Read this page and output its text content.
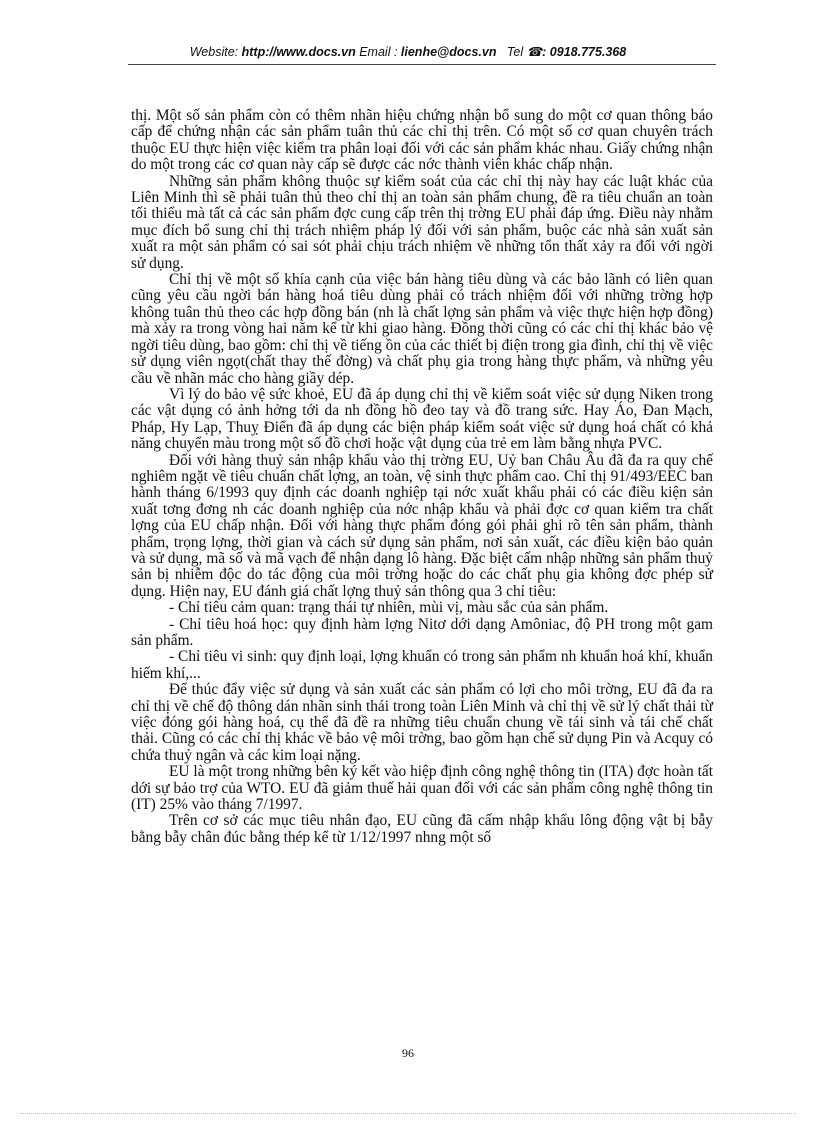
Website: http://www.docs.vn Email : lienhe@docs.vn Tel ☎: 0918.775.368

thị. Một số sản phẩm còn có thêm nhãn hiệu chứng nhận bổ sung do một cơ quan thông báo cấp để chứng nhận các sản phẩm tuân thủ các chỉ thị trên. Có một số cơ quan chuyên trách thuộc EU thực hiện việc kiểm tra phân loại đối với các sản phẩm khác nhau. Giấy chứng nhận do một trong các cơ quan này cấp sẽ được các nớc thành viên khác chấp nhận.

Những sản phẩm không thuộc sự kiểm soát của các chỉ thị này hay các luật khác của Liên Minh thì sẽ phải tuân thủ theo chỉ thị an toàn sản phẩm chung, đề ra tiêu chuẩn an toàn tối thiểu mà tất cả các sản phẩm đợc cung cấp trên thị trờng EU phải đáp ứng. Điều này nhằm mục đích bổ sung chỉ thị trách nhiệm pháp lý đối với sản phẩm, buộc các nhà sản xuất sản xuất ra một sản phẩm có sai sót phải chịu trách nhiệm về những tổn thất xảy ra đối với ngời sử dụng.

Chỉ thị về một số khía cạnh của việc bán hàng tiêu dùng và các bảo lãnh có liên quan cũng yêu cầu ngời bán hàng hoá tiêu dùng phải có trách nhiệm đối với những trờng hợp không tuân thủ theo các hợp đồng bán (nh là chất lợng sản phẩm và việc thực hiện hợp đồng) mà xảy ra trong vòng hai năm kể từ khi giao hàng. Đồng thời cũng có các chỉ thị khác bảo vệ ngời tiêu dùng, bao gồm: chỉ thị về tiếng ồn của các thiết bị điện trong gia đình, chỉ thị về việc sử dụng viên ngọt(chất thay thế đờng) và chất phụ gia trong hàng thực phẩm, và những yêu cầu về nhãn mác cho hàng giầy dép.

Vì lý do bảo vệ sức khoẻ, EU đã áp dụng chỉ thị về kiểm soát việc sử dụng Niken trong các vật dụng có ảnh hởng tới da nh đồng hồ đeo tay và đồ trang sức. Hay Áo, Đan Mạch, Pháp, Hy Lạp, Thuỵ Điển đã áp dụng các biện pháp kiểm soát việc sử dụng hoá chất có khả năng chuyển màu trong một số đồ chơi hoặc vật dụng của trẻ em làm bằng nhựa PVC.

Đối với hàng thuỷ sản nhập khẩu vào thị trờng EU, Uỷ ban Châu Âu đã đa ra quy chế nghiêm ngặt về tiêu chuẩn chất lợng, an toàn, vệ sinh thực phẩm cao. Chỉ thị 91/493/EEC ban hành tháng 6/1993 quy định các doanh nghiệp tại nớc xuất khẩu phải có các điều kiện sản xuất tơng đơng nh các doanh nghiệp của nớc nhập khẩu và phải đợc cơ quan kiểm tra chất lợng của EU chấp nhận. Đối với hàng thực phẩm đóng gói phải ghi rõ tên sản phẩm, thành phẩm, trọng lợng, thời gian và cách sử dụng sản phẩm, nơi sản xuất, các điều kiện bảo quản và sử dụng, mã số và mã vạch để nhận dạng lô hàng. Đặc biệt cấm nhập những sản phẩm thuỷ sản bị nhiễm độc do tác động của môi trờng hoặc do các chất phụ gia không đợc phép sử dụng. Hiện nay, EU đánh giá chất lợng thuỷ sản thông qua 3 chỉ tiêu:

- Chỉ tiêu cảm quan: trạng thái tự nhiên, mùi vị, màu sắc của sản phẩm.

- Chỉ tiêu hoá học: quy định hàm lợng Nitơ dới dạng Amôniac, độ PH trong một gam sản phẩm.

- Chỉ tiêu vi sinh: quy định loại, lợng khuẩn có trong sản phẩm nh khuẩn hoá khí, khuẩn hiếm khí,...

Để thúc đẩy việc sử dụng và sản xuất các sản phẩm có lợi cho môi trờng, EU đã đa ra chỉ thị về chế độ thông dán nhãn sinh thái trong toàn Liên Minh và chỉ thị về sử lý chất thải từ việc đóng gói hàng hoá, cụ thể đã đề ra những tiêu chuẩn chung về tái sinh và tái chế chất thải. Cũng có các chỉ thị khác về bảo vệ môi trờng, bao gồm hạn chế sử dụng Pin và Acquy có chứa thuỷ ngân và các kim loại nặng.

EU là một trong những bên ký kết vào hiệp định công nghệ thông tin (ITA) đợc hoàn tất dới sự bảo trợ của WTO. EU đã giảm thuế hải quan đối với các sản phẩm công nghệ thông tin (IT) 25% vào tháng 7/1997.

Trên cơ sở các mục tiêu nhân đạo, EU cũng đã cấm nhập khẩu lông động vật bị bẫy bằng bẫy chân đúc bằng thép kể từ 1/12/1997 nhng một số

96
